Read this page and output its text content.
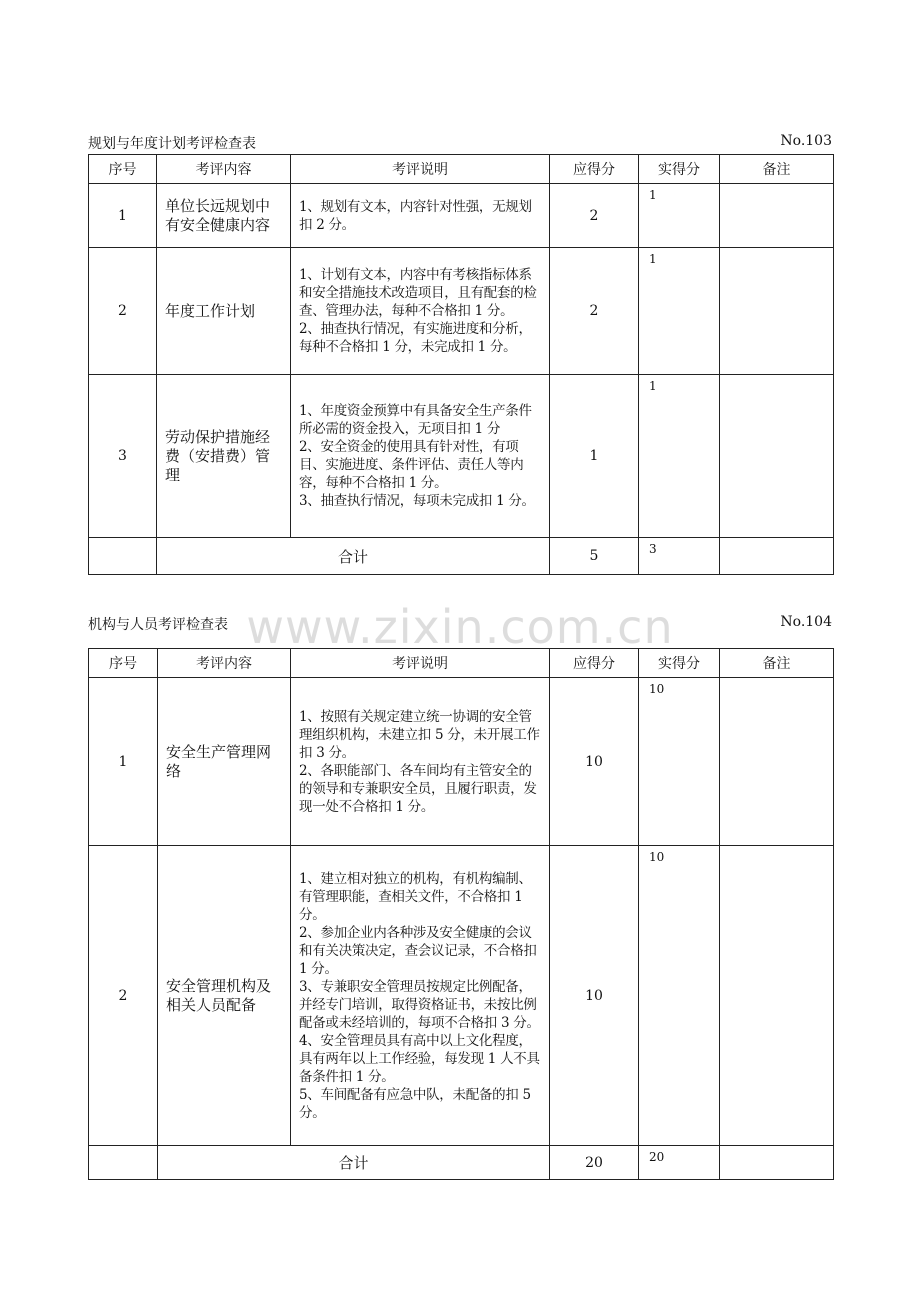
规划与年度计划考评检查表	No.103
序号	考评内容	考评说明	应得分	实得分	备注
1	单位长远规划中有安全健康内容	1、规划有文本，内容针对性强，无规划扣 2 分。	2	1	
2	年度工作计划	1、计划有文本，内容中有考核指标体系和安全措施技术改造项目，且有配套的检查、管理办法，每种不合格扣 1 分。
2、抽查执行情况，有实施进度和分析，每种不合格扣 1 分，未完成扣 1 分。	2	1	
3	劳动保护措施经费（安措费）管理	1、年度资金预算中有具备安全生产条件所必需的资金投入，无项目扣 1 分
2、安全资金的使用具有针对性，有项目、实施进度、条件评估、责任人等内容，每种不合格扣 1 分。
3、抽查执行情况，每项未完成扣 1 分。	1	1	
	合计		5	3	
www.zixin.com.cn
机构与人员考评检查表	No.104
序号	考评内容	考评说明	应得分	实得分	备注
1	安全生产管理网络	1、按照有关规定建立统一协调的安全管理组织机构，未建立扣 5 分，未开展工作扣 3 分。
2、各职能部门、各车间均有主管安全的的领导和专兼职安全员，且履行职责，发现一处不合格扣 1 分。	10	10	
2	安全管理机构及相关人员配备	1、建立相对独立的机构，有机构编制、有管理职能，查相关文件，不合格扣 1 分。
2、参加企业内各种涉及安全健康的会议和有关决策决定，查会议记录，不合格扣 1 分。
3、专兼职安全管理员按规定比例配备，并经专门培训，取得资格证书，未按比例配备或未经培训的，每项不合格扣 3 分。
4、安全管理员具有高中以上文化程度，具有两年以上工作经验，每发现 1 人不具备条件扣 1 分。
5、车间配备有应急中队，未配备的扣 5 分。	10	10	
	合计		20	20	
